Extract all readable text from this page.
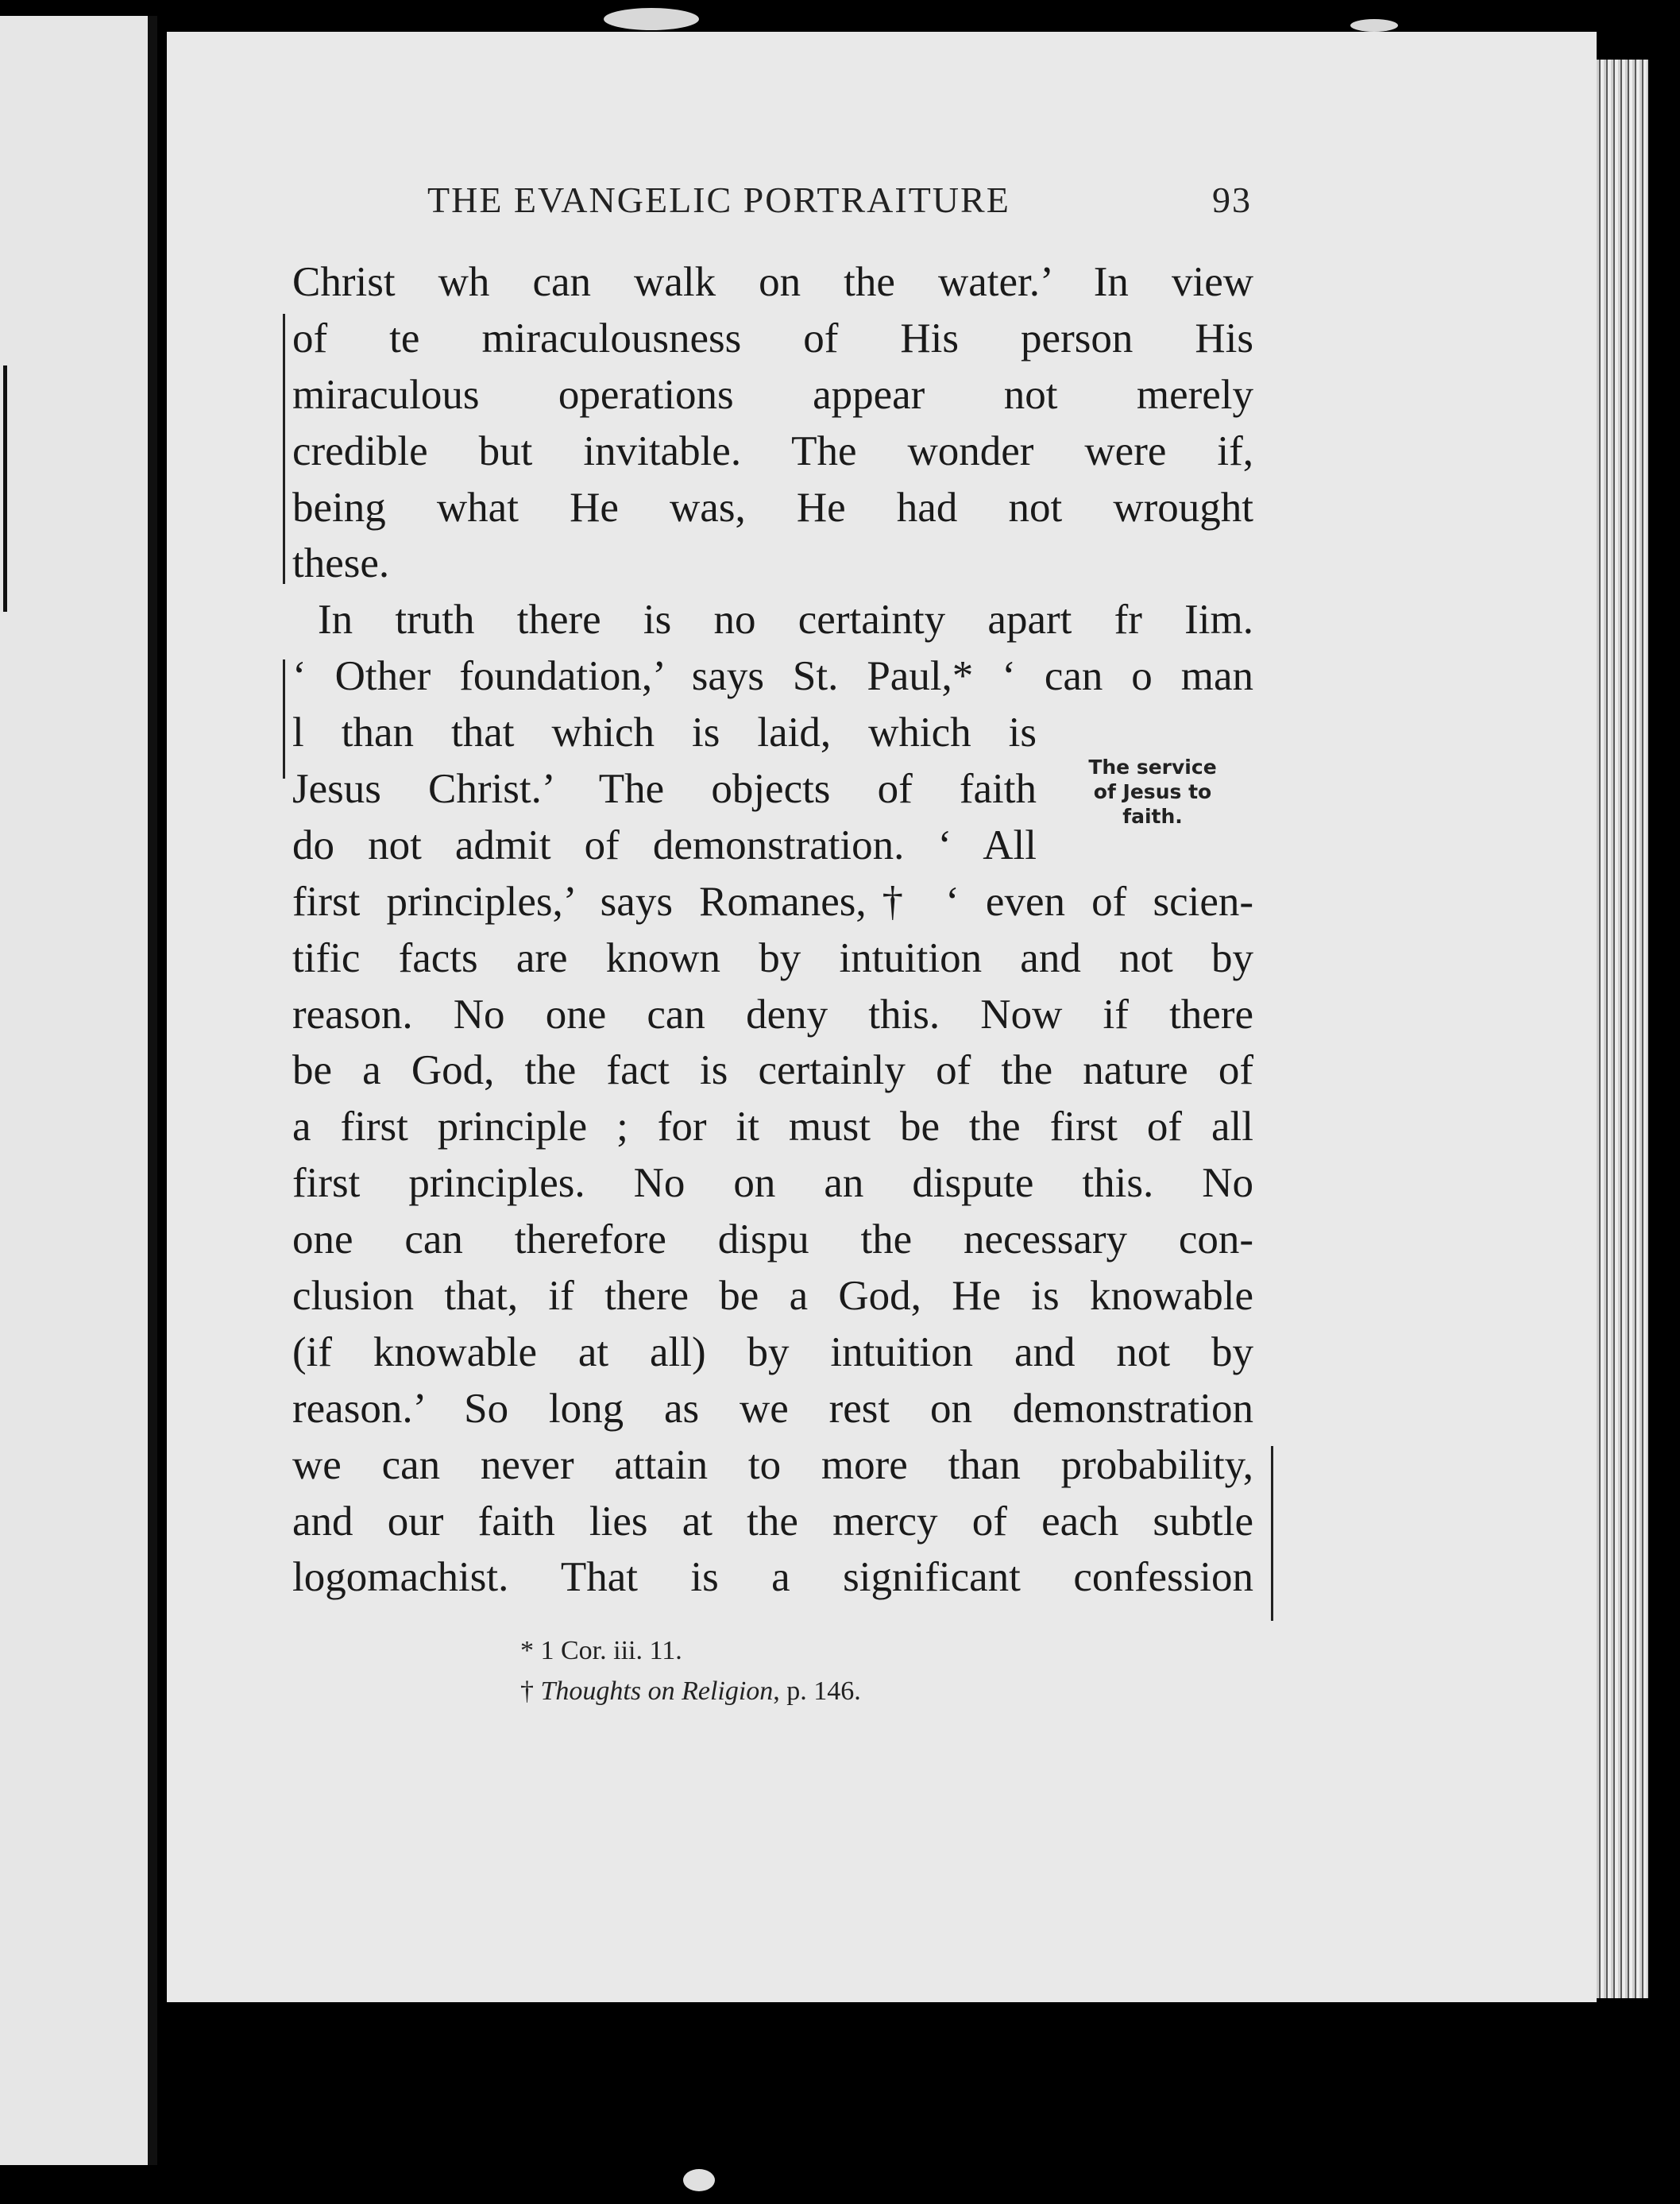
THE EVANGELIC PORTRAITURE	93
Christ wh can walk on the water.’ In view
of te miraculousness of His person His
miraculous operations appear not merely
credible but invitable. The wonder were if,
being what He was, He had not wrought
these.
In truth there is no certainty apart fr Iim.
‘ Other foundation,’ says St. Paul,* ‘ can o man
l than that which is laid, which is
Jesus Christ.’ The objects of faith
do not admit of demonstration. ‘ All
first principles,’ says Romanes,† ‘ even of scien-
tific facts are known by intuition and not by
reason. No one can deny this. Now if there
be a God, the fact is certainly of the nature of
a first principle ; for it must be the first of all
first principles. No on an dispute this. No
one can therefore dispu the necessary con-
clusion that, if there be a God, He is knowable
(if knowable at all) by intuition and not by
reason.’ So long as we rest on demonstration
we can never attain to more than probability,
and our faith lies at the mercy of each subtle
logomachist. That is a significant confession
The service
of Jesus to
faith.
* 1 Cor. iii. 11.
† Thoughts on Religion, p. 146.
